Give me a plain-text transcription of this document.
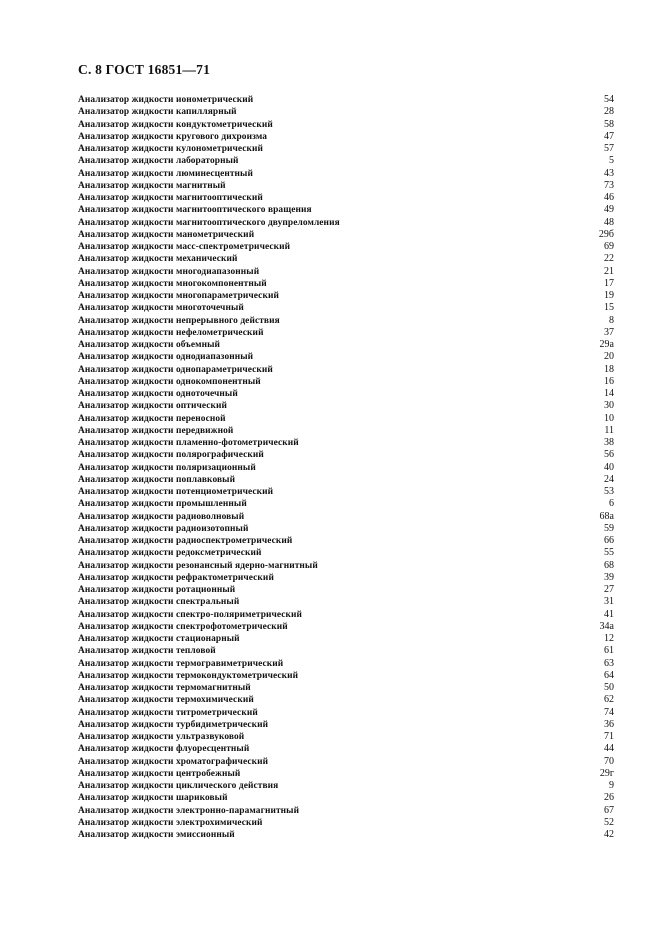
С. 8 ГОСТ 16851—71
Анализатор жидкости ионометрический	54
Анализатор жидкости капиллярный	28
Анализатор жидкости кондуктометрический	58
Анализатор жидкости кругового дихроизма	47
Анализатор жидкости кулонометрический	57
Анализатор жидкости лабораторный	5
Анализатор жидкости люминесцентный	43
Анализатор жидкости магнитный	73
Анализатор жидкости магнитооптический	46
Анализатор жидкости магнитооптического вращения	49
Анализатор жидкости магнитооптического двупреломления	48
Анализатор жидкости манометрический	29б
Анализатор жидкости масс-спектрометрический	69
Анализатор жидкости механический	22
Анализатор жидкости многодиапазонный	21
Анализатор жидкости многокомпонентный	17
Анализатор жидкости многопараметрический	19
Анализатор жидкости многоточечный	15
Анализатор жидкости непрерывного действия	8
Анализатор жидкости нефелометрический	37
Анализатор жидкости объемный	29а
Анализатор жидкости однодиапазонный	20
Анализатор жидкости однопараметрический	18
Анализатор жидкости однокомпонентный	16
Анализатор жидкости одноточечный	14
Анализатор жидкости оптический	30
Анализатор жидкости переносной	10
Анализатор жидкости передвижной	11
Анализатор жидкости пламенно-фотометрический	38
Анализатор жидкости полярографический	56
Анализатор жидкости поляризационный	40
Анализатор жидкости поплавковый	24
Анализатор жидкости потенциометрический	53
Анализатор жидкости промышленный	6
Анализатор жидкости радиоволновый	68а
Анализатор жидкости радиоизотопный	59
Анализатор жидкости радиоспектрометрический	66
Анализатор жидкости редоксметрический	55
Анализатор жидкости резонансный ядерно-магнитный	68
Анализатор жидкости рефрактометрический	39
Анализатор жидкости ротационный	27
Анализатор жидкости спектральный	31
Анализатор жидкости спектро-поляриметрический	41
Анализатор жидкости спектрофотометрический	34а
Анализатор жидкости стационарный	12
Анализатор жидкости тепловой	61
Анализатор жидкости термогравиметрический	63
Анализатор жидкости термокондуктометрический	64
Анализатор жидкости термомагнитный	50
Анализатор жидкости термохимический	62
Анализатор жидкости титрометрический	74
Анализатор жидкости турбидиметрический	36
Анализатор жидкости ультразвуковой	71
Анализатор жидкости флуоресцентный	44
Анализатор жидкости хроматографический	70
Анализатор жидкости центробежный	29г
Анализатор жидкости циклического действия	9
Анализатор жидкости шариковый	26
Анализатор жидкости электронно-парамагнитный	67
Анализатор жидкости электрохимический	52
Анализатор жидкости эмиссионный	42
